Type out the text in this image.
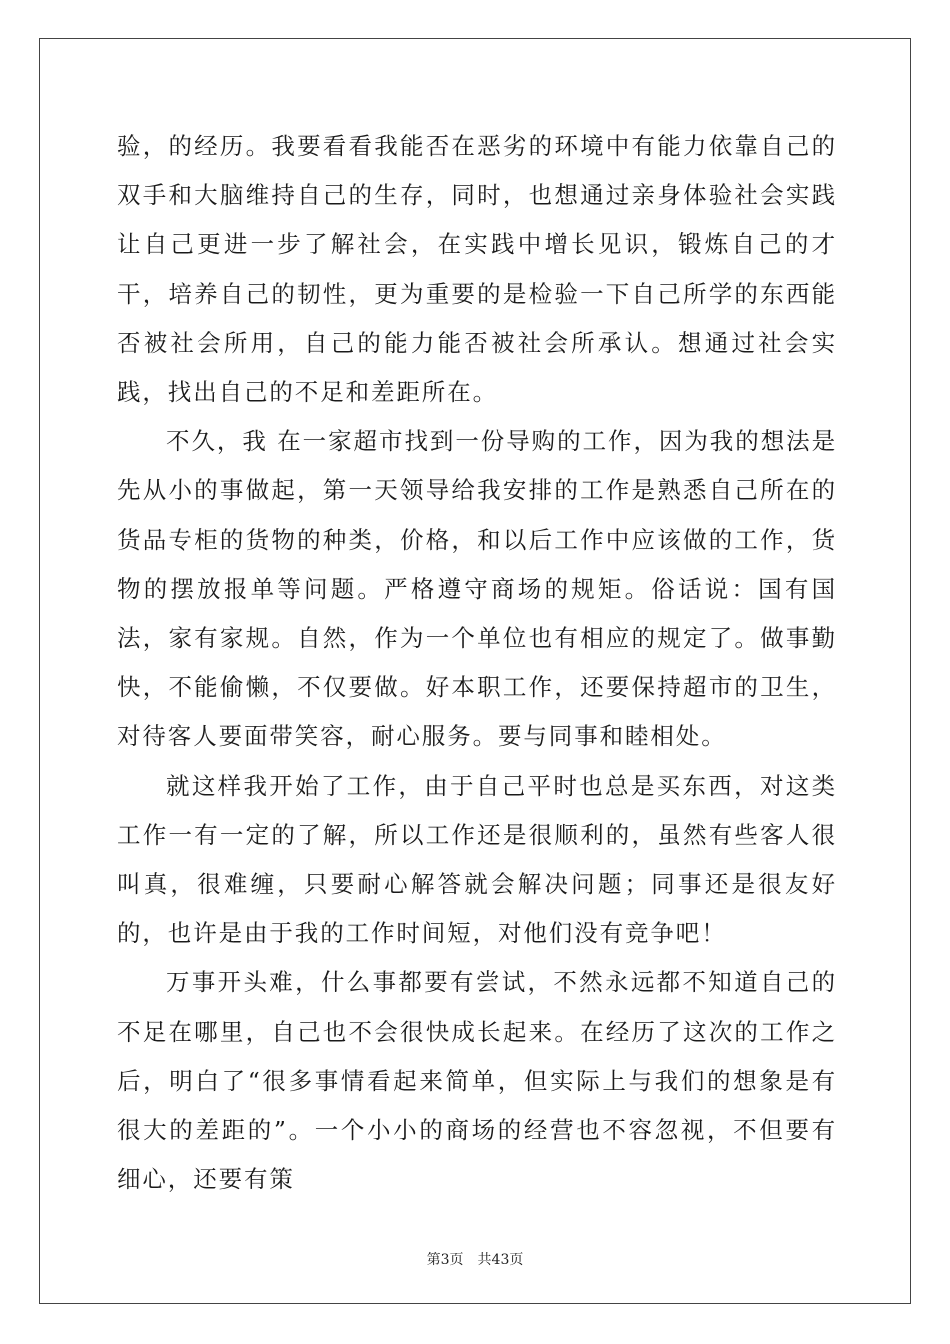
验，的经历。我要看看我能否在恶劣的环境中有能力依靠自己的双手和大脑维持自己的生存，同时，也想通过亲身体验社会实践让自己更进一步了解社会，在实践中增长见识，锻炼自己的才干，培养自己的韧性，更为重要的是检验一下自己所学的东西能否被社会所用，自己的能力能否被社会所承认。想通过社会实践，找出自己的不足和差距所在。

不久，我 在一家超市找到一份导购的工作，因为我的想法是先从小的事做起，第一天领导给我安排的工作是熟悉自己所在的货品专柜的货物的种类，价格，和以后工作中应该做的工作，货物的摆放报单等问题。严格遵守商场的规矩。俗话说：国有国法，家有家规。自然，作为一个单位也有相应的规定了。做事勤快，不能偷懒，不仅要做。好本职工作，还要保持超市的卫生，对待客人要面带笑容，耐心服务。要与同事和睦相处。

就这样我开始了工作，由于自己平时也总是买东西，对这类工作一有一定的了解，所以工作还是很顺利的，虽然有些客人很叫真，很难缠，只要耐心解答就会解决问题；同事还是很友好的，也许是由于我的工作时间短，对他们没有竞争吧！

万事开头难，什么事都要有尝试，不然永远都不知道自己的不足在哪里，自己也不会很快成长起来。在经历了这次的工作之后，明白了“很多事情看起来简单，但实际上与我们的想象是有很大的差距的”。一个小小的商场的经营也不容忽视，不但要有细心，还要有策

第3页　共43页
